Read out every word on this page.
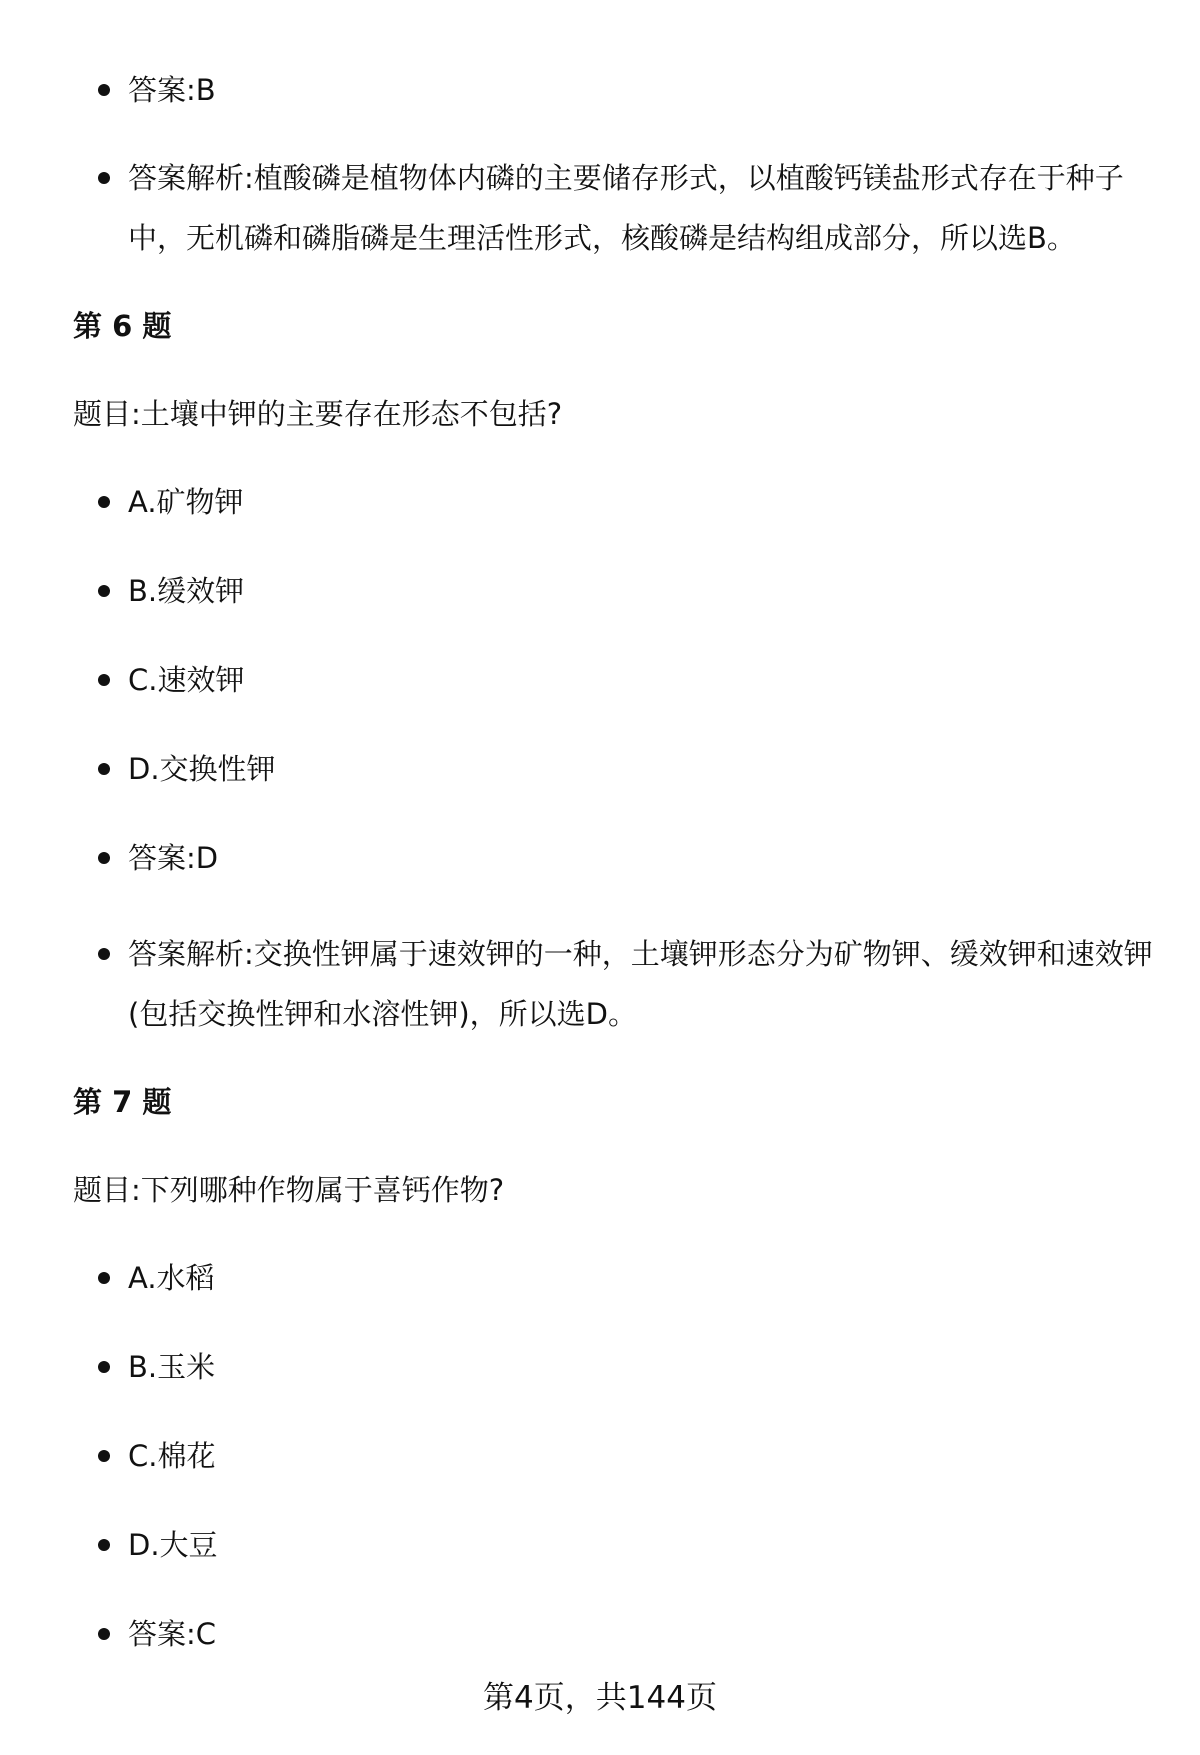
答案:B
答案解析:植酸磷是植物体内磷的主要储存形式，以植酸钙镁盐形式存在于种子中，无机磷和磷脂磷是生理活性形式，核酸磷是结构组成部分，所以选B。
第 6 题
题目:土壤中钾的主要存在形态不包括?
A.矿物钾
B.缓效钾
C.速效钾
D.交换性钾
答案:D
答案解析:交换性钾属于速效钾的一种，土壤钾形态分为矿物钾、缓效钾和速效钾(包括交换性钾和水溶性钾)，所以选D。
第 7 题
题目:下列哪种作物属于喜钙作物?
A.水稻
B.玉米
C.棉花
D.大豆
答案:C
第4页，共144页
